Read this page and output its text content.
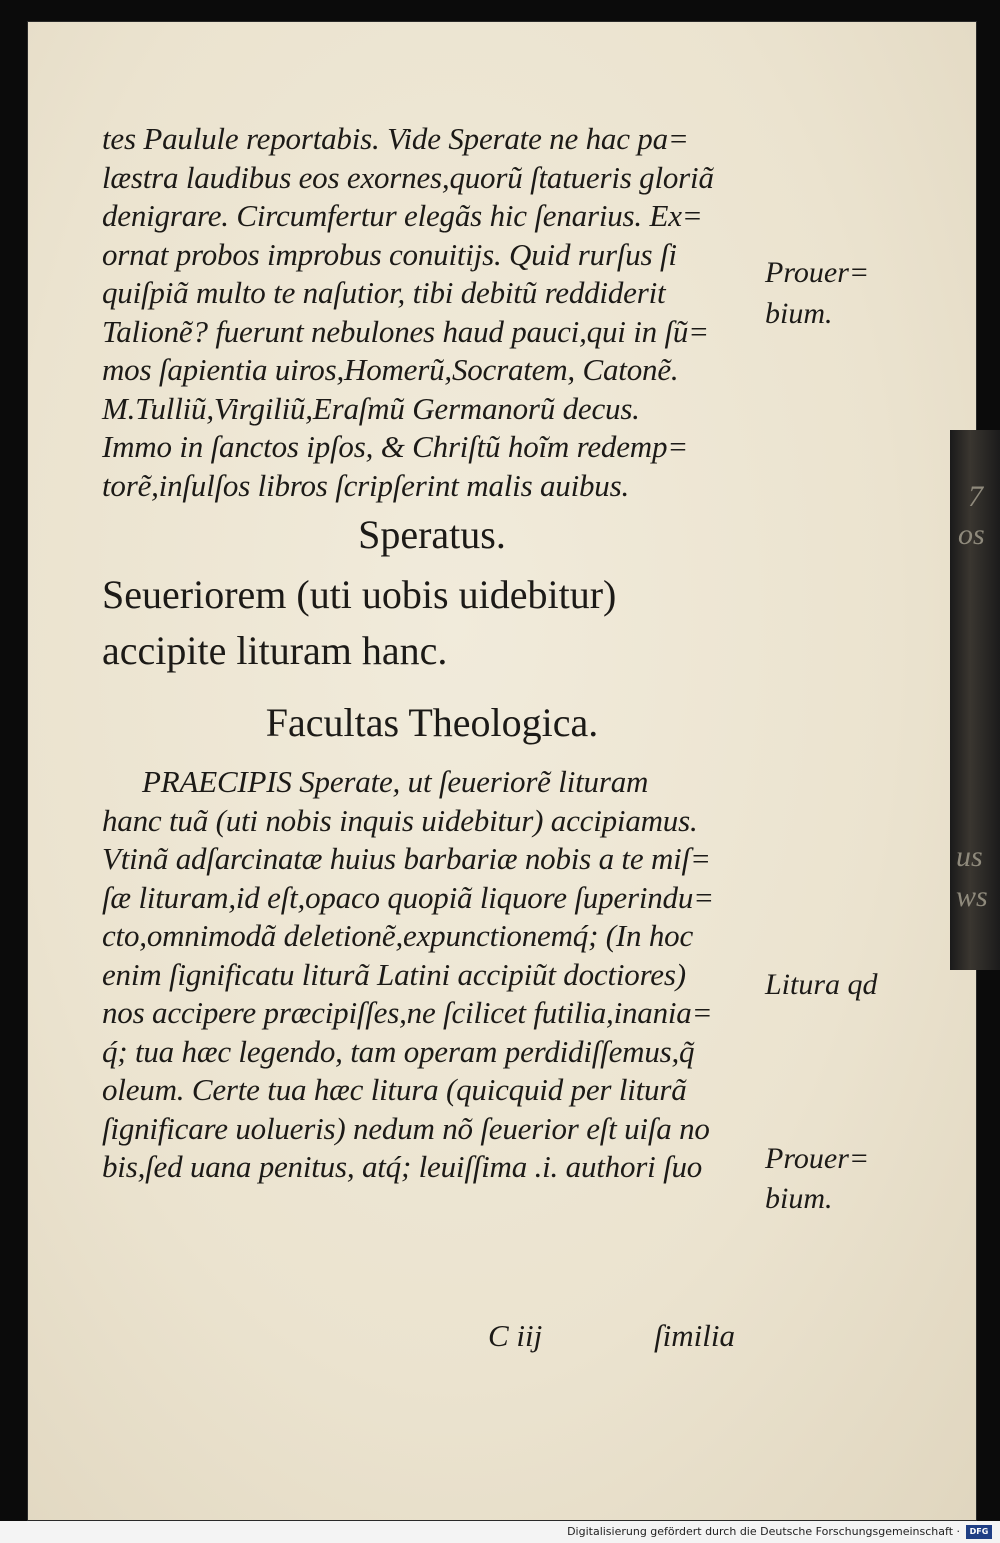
7
os
us
ws
tes Paulule reportabis. Vide Sperate ne hac pa=
læstra laudibus eos exornes,quorũ ſtatueris gloriã
denigrare. Circumfertur elegãs hic ſenarius. Ex=
ornat probos improbus conuitijs. Quid rurſus ſi
quiſpiã multo te naſutior, tibi debitũ reddiderit
Talionẽ? fuerunt nebulones haud pauci,qui in ſũ=
mos ſapientia uiros,Homerũ,Socratem, Catonẽ.
M.Tulliũ,Virgiliũ,Eraſmũ Germanorũ decus.
Immo in ſanctos ipſos, & Chriſtũ hoĩm redemp=
torẽ,inſulſos libros ſcripſerint malis auibus.
Speratus.
Seueriorem (uti uobis uidebitur)
accipite lituram hanc.
Facultas Theologica.
PRAECIPIS Sperate, ut ſeueriorẽ lituram
hanc tuã (uti nobis inquis uidebitur) accipiamus.
Vtinã adſarcinatæ huius barbariæ nobis a te miſ=
ſæ lituram,id eſt,opaco quopiã liquore ſuperindu=
cto,omnimodã deletionẽ,expunctionemq́; (In hoc
enim ſignificatu liturã Latini accipiũt doctiores)
nos accipere præcipiſſes,ne ſcilicet futilia,inania=
q́; tua hæc legendo, tam operam perdidiſſemus,q̃
oleum. Certe tua hæc litura (quicquid per liturã
ſignificare uolueris) nedum nõ ſeuerior eſt uiſa no
bis,ſed uana penitus, atq́; leuiſſima .i. authori ſuo
Prouer=
bium.
Litura qd
Prouer=
bium.
C iij	ſimilia
Digitalisierung gefördert durch die Deutsche Forschungsgemeinschaft ·	DFG
